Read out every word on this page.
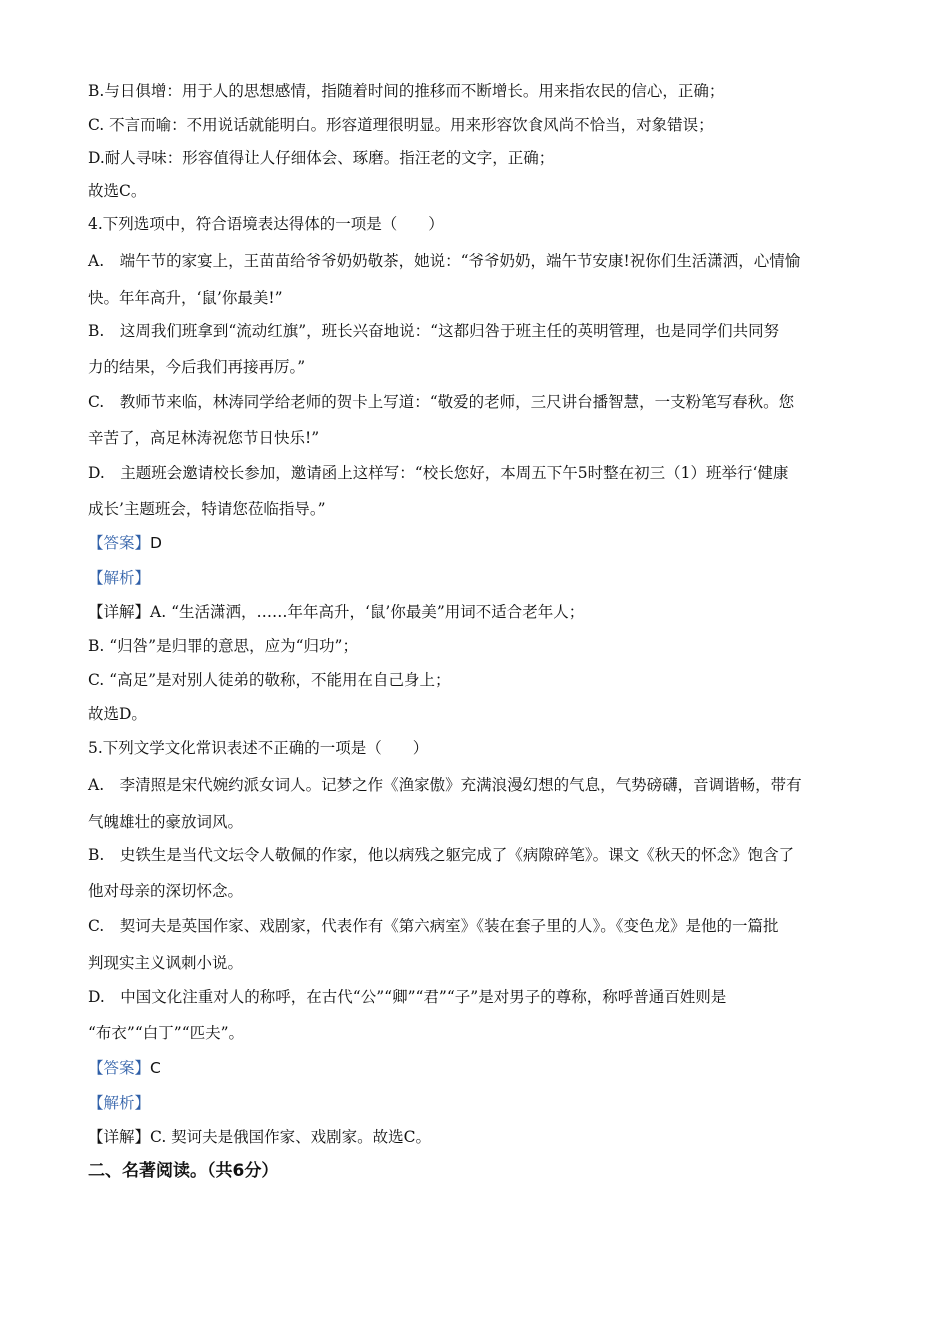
B.与日俱增：用于人的思想感情，指随着时间的推移而不断增长。用来指农民的信心，正确；
C. 不言而喻：不用说话就能明白。形容道理很明显。用来形容饮食风尚不恰当，对象错误；
D.耐人寻味：形容值得让人仔细体会、琢磨。指汪老的文字，正确；
故选C。
4.下列选项中，符合语境表达得体的一项是（　　）
A.　端午节的家宴上，王苗苗给爷爷奶奶敬茶，她说：“爷爷奶奶，端午节安康!祝你们生活潇洒，心情愉
快。年年高升，‘鼠’你最美!”
B.　这周我们班拿到“流动红旗”，班长兴奋地说：“这都归咎于班主任的英明管理，也是同学们共同努
力的结果，今后我们再接再厉。”
C.　教师节来临，林涛同学给老师的贺卡上写道：“敬爱的老师，三尺讲台播智慧，一支粉笔写春秋。您
辛苦了，高足林涛祝您节日快乐!”
D.　主题班会邀请校长参加，邀请函上这样写：“校长您好，本周五下午5时整在初三（1）班举行‘健康
成长’主题班会，特请您莅临指导。”
【答案】D
【解析】
【详解】A. “生活潇洒，……年年高升，‘鼠’你最美”用词不适合老年人；
B. “归咎”是归罪的意思，应为“归功”；
C. “高足”是对别人徒弟的敬称，不能用在自己身上；
故选D。
5.下列文学文化常识表述不正确的一项是（　　）
A.　李清照是宋代婉约派女词人。记梦之作《渔家傲》充满浪漫幻想的气息，气势磅礴，音调谐畅，带有
气魄雄壮的豪放词风。
B.　史铁生是当代文坛令人敬佩的作家，他以病残之躯完成了《病隙碎笔》。课文《秋天的怀念》饱含了
他对母亲的深切怀念。
C.　契诃夫是英国作家、戏剧家，代表作有《第六病室》《装在套子里的人》。《变色龙》是他的一篇批
判现实主义讽刺小说。
D.　中国文化注重对人的称呼，在古代“公”“卿”“君”“子”是对男子的尊称，称呼普通百姓则是
“布衣”“白丁”“匹夫”。
【答案】C
【解析】
【详解】C. 契诃夫是俄国作家、戏剧家。故选C。
二、名著阅读。（共6分）
